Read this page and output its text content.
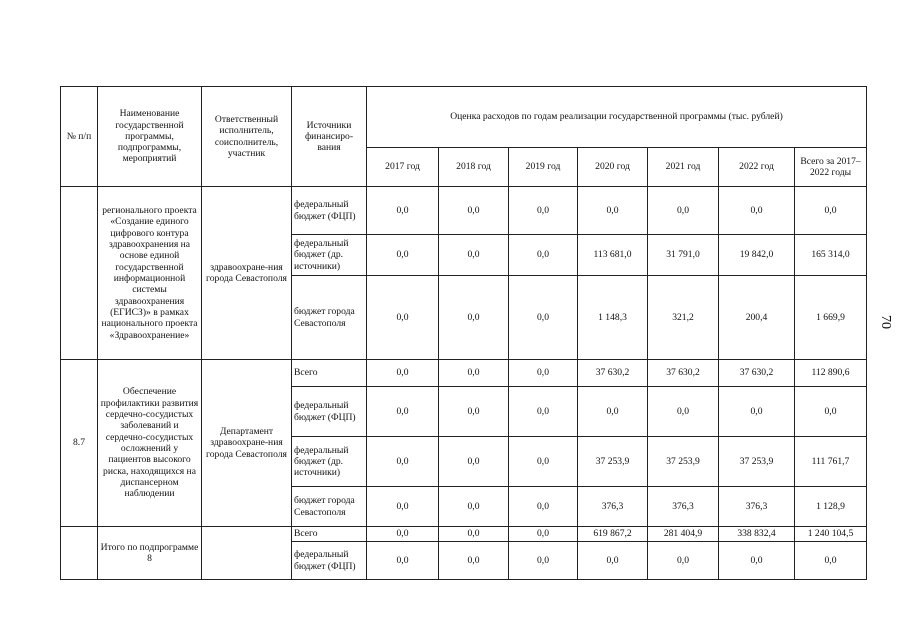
70
№ п/п	Наименование государственной программы, подпрограммы, мероприятий	Ответственный исполнитель, соисполнитель, участник	Источники финансиро-вания	Оценка расходов по годам реализации государственной программы (тыс. рублей)						
				2017 год	2018 год	2019 год	2020 год	2021 год	2022 год	Всего за 2017–2022 годы
	регионального проекта «Создание единого цифрового контура здравоохранения на основе единой государственной информационной системы здравоохранения (ЕГИСЗ)» в рамках национального проекта «Здравоохранение»	здравоохране-ния города Севастополя	федеральный бюджет (ФЦП)	0,0	0,0	0,0	0,0	0,0	0,0	0,0
			федеральный бюджет (др. источники)	0,0	0,0	0,0	113 681,0	31 791,0	19 842,0	165 314,0
			бюджет города Севастополя	0,0	0,0	0,0	1 148,3	321,2	200,4	1 669,9
8.7	Обеспечение профилактики развития сердечно-сосудистых заболеваний и сердечно-сосудистых осложнений у пациентов высокого риска, находящихся на диспансерном наблюдении	Департамент здравоохране-ния города Севастополя	Всего	0,0	0,0	0,0	37 630,2	37 630,2	37 630,2	112 890,6
			федеральный бюджет (ФЦП)	0,0	0,0	0,0	0,0	0,0	0,0	0,0
			федеральный бюджет (др. источники)	0,0	0,0	0,0	37 253,9	37 253,9	37 253,9	111 761,7
			бюджет города Севастополя	0,0	0,0	0,0	376,3	376,3	376,3	1 128,9
	Итого по подпрограмме 8		Всего	0,0	0,0	0,0	619 867,2	281 404,9	338 832,4	1 240 104,5
			федеральный бюджет (ФЦП)	0,0	0,0	0,0	0,0	0,0	0,0	0,0
